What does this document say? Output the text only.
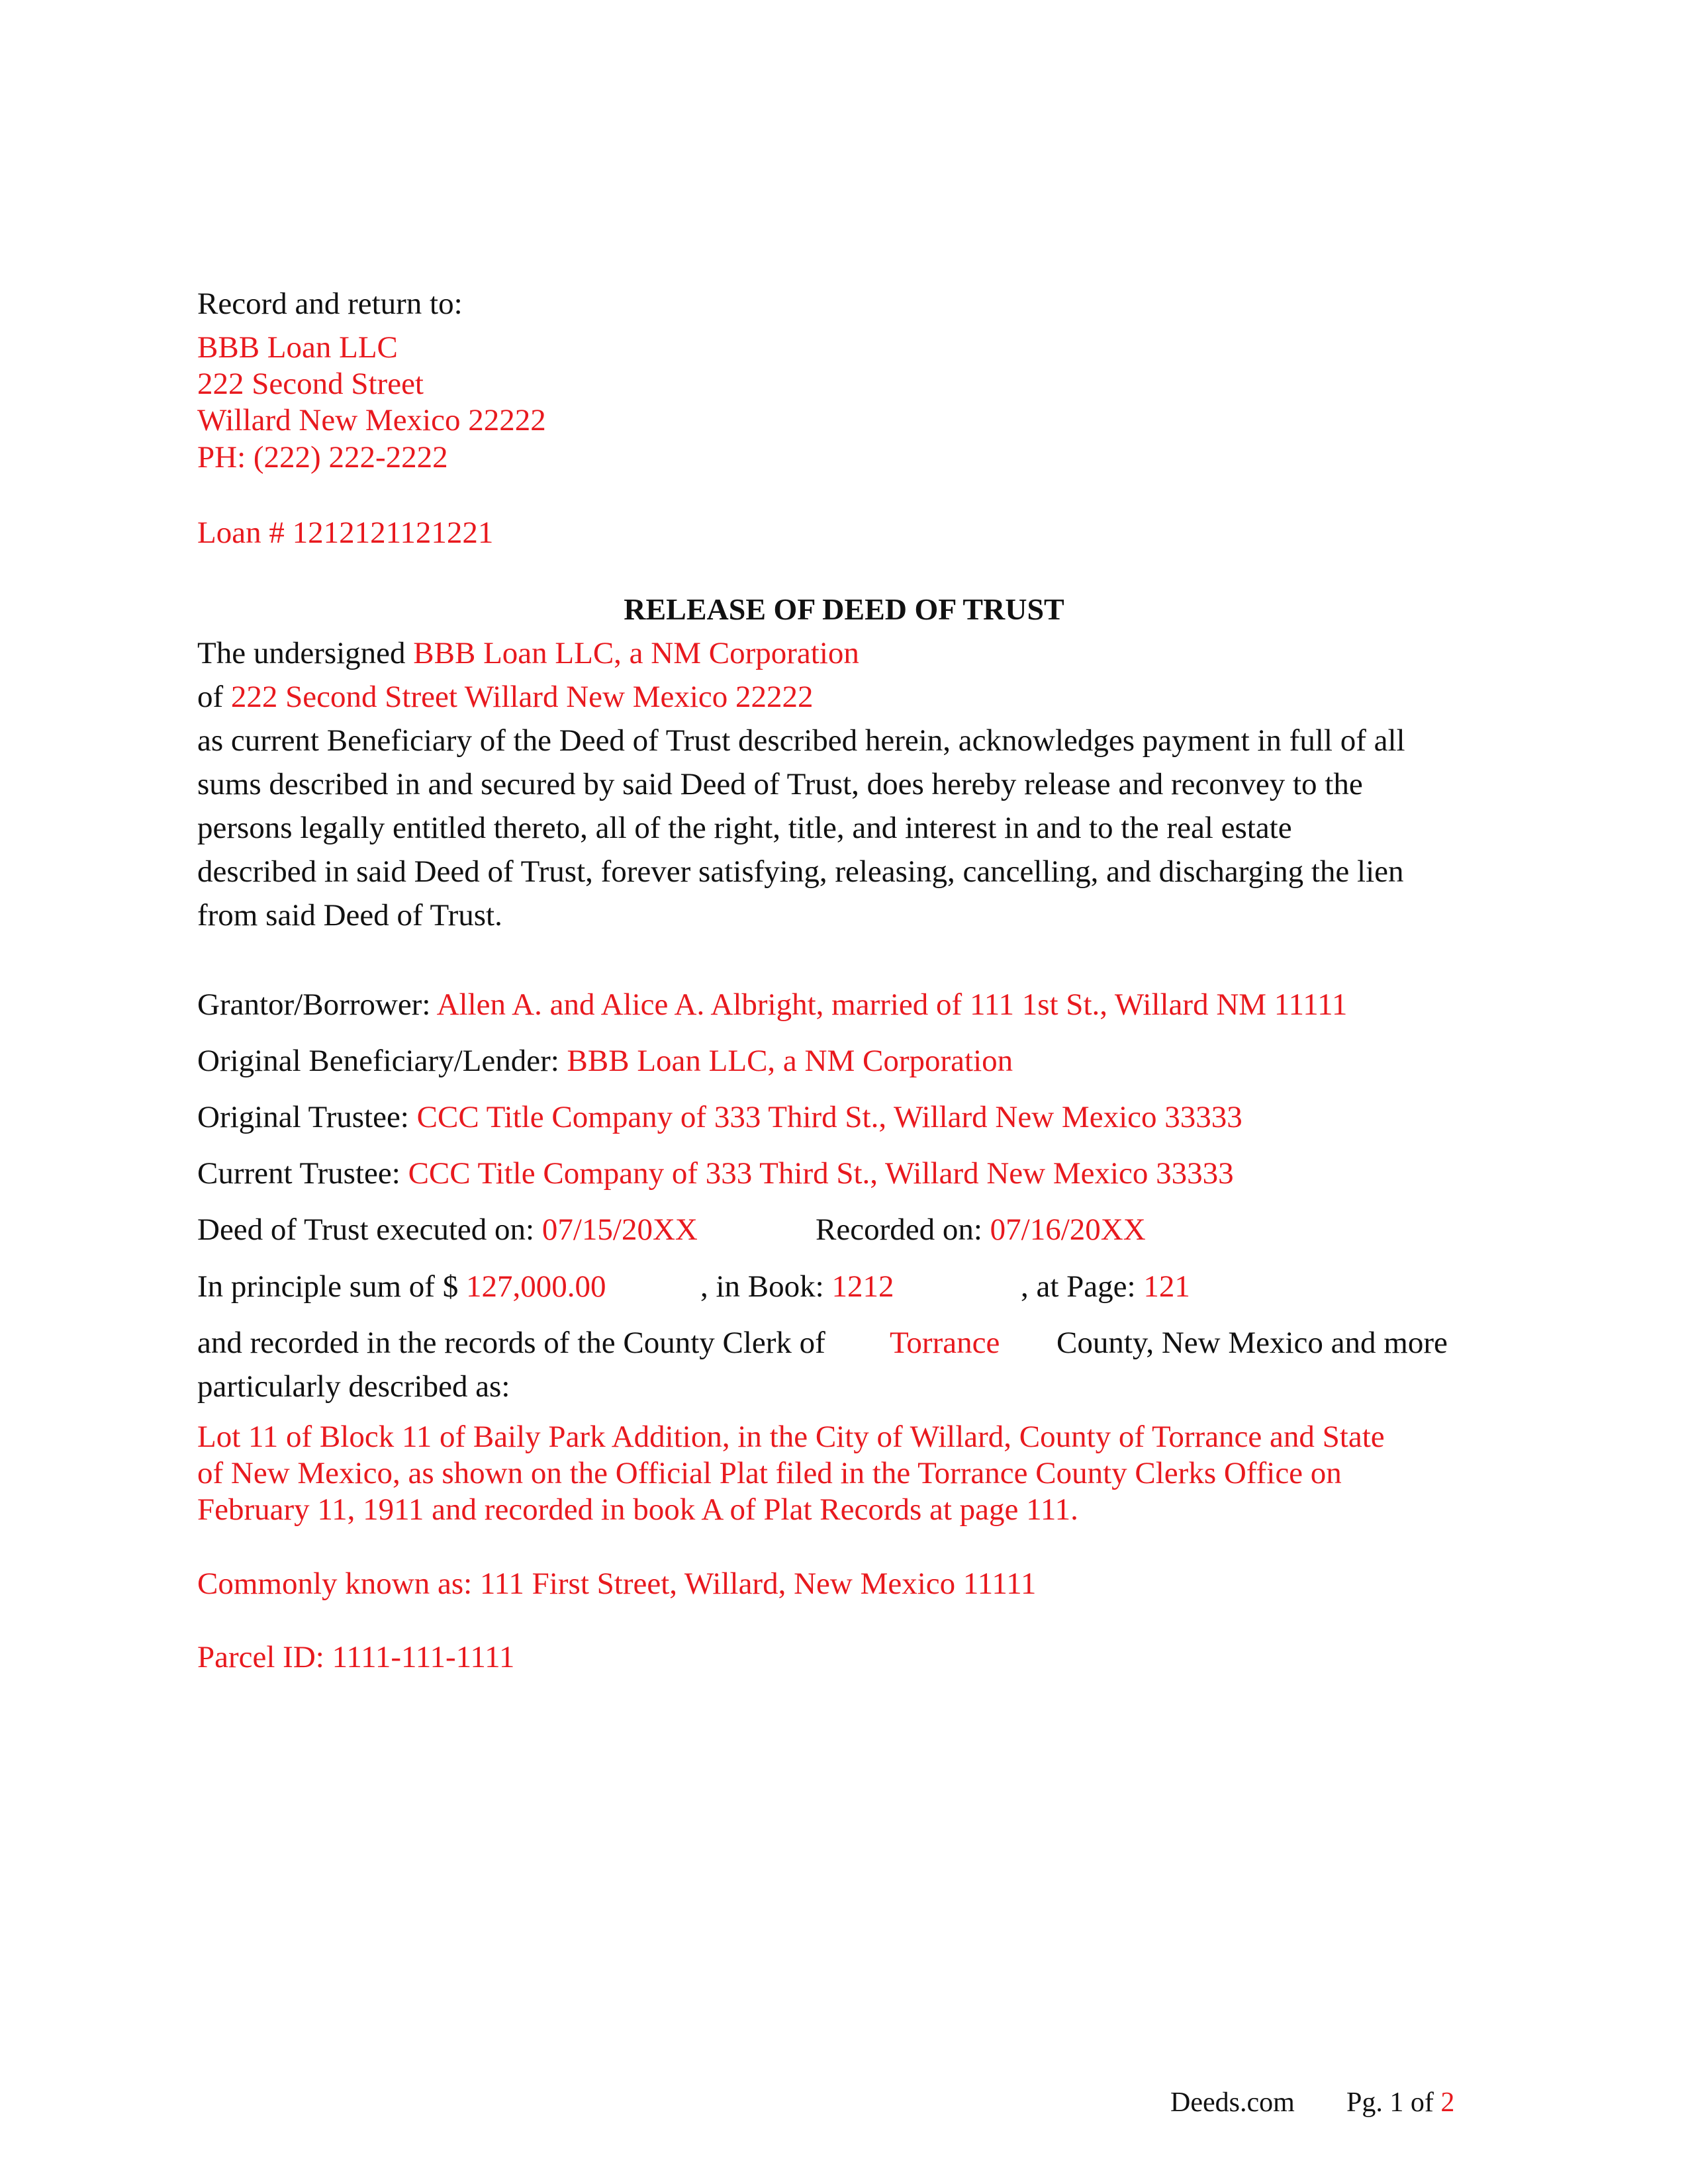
Record and return to:
BBB Loan LLC
222 Second Street
Willard New Mexico 22222
PH: (222) 222-2222
Loan # 1212121121221
RELEASE OF DEED OF TRUST
The undersigned BBB Loan LLC, a NM Corporation
of 222 Second Street Willard New Mexico 22222
as current Beneficiary of the Deed of Trust described herein, acknowledges payment in full of all
sums described in and secured by said Deed of Trust, does hereby release and reconvey to the
persons legally entitled thereto, all of the right, title, and interest in and to the real estate
described in said Deed of Trust, forever satisfying, releasing, cancelling, and discharging the lien
from said Deed of Trust.
Grantor/Borrower: Allen A. and Alice A. Albright, married of 111 1st St., Willard NM 11111
Original Beneficiary/Lender: BBB Loan LLC, a NM Corporation
Original Trustee: CCC Title Company of 333 Third St., Willard New Mexico 33333
Current Trustee: CCC Title Company of 333 Third St., Willard New Mexico 33333
Deed of Trust executed on: 07/15/20XX	Recorded on: 07/16/20XX
In principle sum of $ 127,000.00	, in Book: 1212	, at Page: 121
and recorded in the records of the County Clerk of Torrance County, New Mexico and more
particularly described as:
Lot 11 of Block 11 of Baily Park Addition, in the City of Willard, County of Torrance and State
of New Mexico, as shown on the Official Plat filed in the Torrance County Clerks Office on
February 11, 1911 and recorded in book A of Plat Records at page 111.
Commonly known as: 111 First Street, Willard, New Mexico 11111
Parcel ID: 1111-111-1111
Deeds.com Pg. 1 of 2
